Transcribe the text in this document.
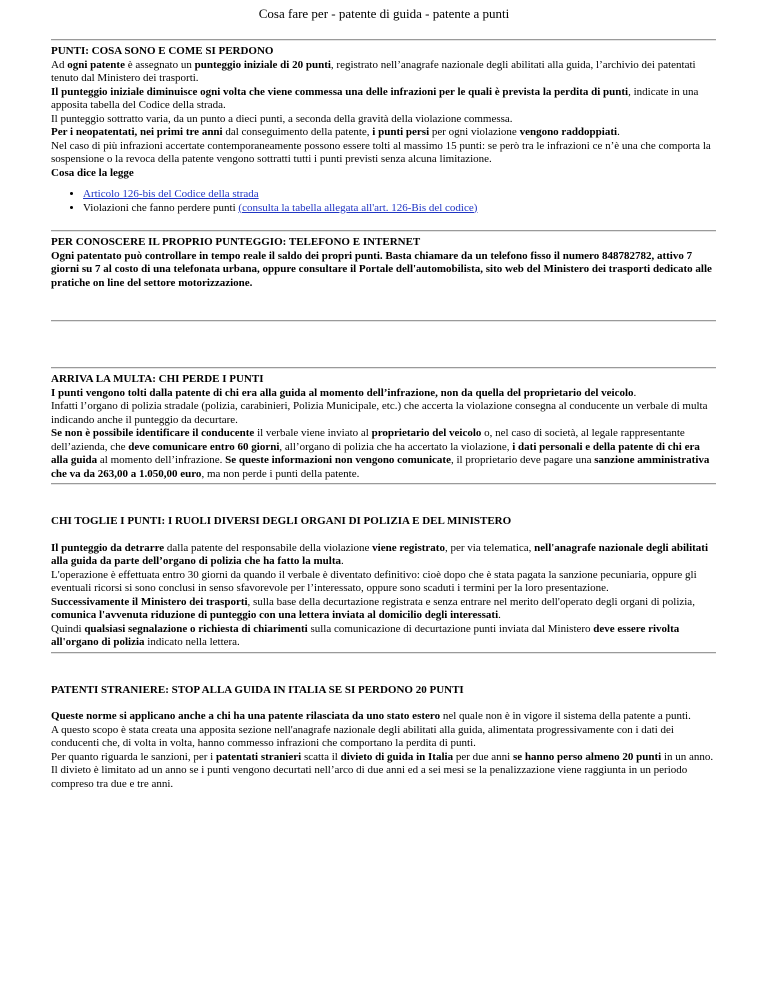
Cosa fare per - patente di guida - patente a punti

PUNTI: COSA SONO E COME SI PERDONO

Ad ogni patente è assegnato un punteggio iniziale di 20 punti, registrato nell’anagrafe nazionale degli abilitati alla guida, l’archivio dei patentati tenuto dal Ministero dei trasporti.

Il punteggio iniziale diminuisce ogni volta che viene commessa una delle infrazioni per le quali è prevista la perdita di punti, indicate in una apposita tabella del Codice della strada.

Il punteggio sottratto varia, da un punto a dieci punti, a seconda della gravità della violazione commessa.

Per i neopatentati, nei primi tre anni dal conseguimento della patente, i punti persi per ogni violazione vengono raddoppiati.

Nel caso di più infrazioni accertate contemporaneamente possono essere tolti al massimo 15 punti: se però tra le infrazioni ce n’è una che comporta la sospensione o la revoca della patente vengono sottratti tutti i punti previsti senza alcuna limitazione.

Cosa dice la legge

• Articolo 126-bis del Codice della strada
• Violazioni che fanno perdere punti (consulta la tabella allegata all'art. 126-Bis del codice)

PER CONOSCERE IL PROPRIO PUNTEGGIO: TELEFONO E INTERNET

Ogni patentato può controllare in tempo reale il saldo dei propri punti. Basta chiamare da un telefono fisso il numero 848782782, attivo 7 giorni su 7 al costo di una telefonata urbana, oppure consultare il Portale dell'automobilista, sito web del Ministero dei trasporti dedicato alle pratiche on line del settore motorizzazione.

ARRIVA LA MULTA: CHI PERDE I PUNTI

I punti vengono tolti dalla patente di chi era alla guida al momento dell’infrazione, non da quella del proprietario del veicolo.

Infatti l’organo di polizia stradale (polizia, carabinieri, Polizia Municipale, etc.) che accerta la violazione consegna al conducente un verbale di multa indicando anche il punteggio da decurtare.

Se non è possibile identificare il conducente il verbale viene inviato al proprietario del veicolo o, nel caso di società, al legale rappresentante dell’azienda, che deve comunicare entro 60 giorni, all’organo di polizia che ha accertato la violazione, i dati personali e della patente di chi era alla guida al momento dell’infrazione. Se queste informazioni non vengono comunicate, il proprietario deve pagare una sanzione amministrativa che va da 263,00 a 1.050,00 euro, ma non perde i punti della patente.

CHI TOGLIE I PUNTI: I RUOLI DIVERSI DEGLI ORGANI DI POLIZIA E DEL MINISTERO

Il punteggio da detrarre dalla patente del responsabile della violazione viene registrato, per via telematica, nell'anagrafe nazionale degli abilitati alla guida da parte dell’organo di polizia che ha fatto la multa.

L'operazione è effettuata entro 30 giorni da quando il verbale è diventato definitivo: cioè dopo che è stata pagata la sanzione pecuniaria, oppure gli eventuali ricorsi si sono conclusi in senso sfavorevole per l’interessato, oppure sono scaduti i termini per la loro presentazione.

Successivamente il Ministero dei trasporti, sulla base della decurtazione registrata e senza entrare nel merito dell'operato degli organi di polizia, comunica l'avvenuta riduzione di punteggio con una lettera inviata al domicilio degli interessati.

Quindi qualsiasi segnalazione o richiesta di chiarimenti sulla comunicazione di decurtazione punti inviata dal Ministero deve essere rivolta all'organo di polizia indicato nella lettera.

PATENTI STRANIERE: STOP ALLA GUIDA IN ITALIA SE SI PERDONO 20 PUNTI

Queste norme si applicano anche a chi ha una patente rilasciata da uno stato estero nel quale non è in vigore il sistema della patente a punti.

A questo scopo è stata creata una apposita sezione nell'anagrafe nazionale degli abilitati alla guida, alimentata progressivamente con i dati dei conducenti che, di volta in volta, hanno commesso infrazioni che comportano la perdita di punti.

Per quanto riguarda le sanzioni, per i patentati stranieri scatta il divieto di guida in Italia per due anni se hanno perso almeno 20 punti in un anno.

Il divieto è limitato ad un anno se i punti vengono decurtati nell’arco di due anni ed a sei mesi se la penalizzazione viene raggiunta in un periodo compreso tra due e tre anni.
